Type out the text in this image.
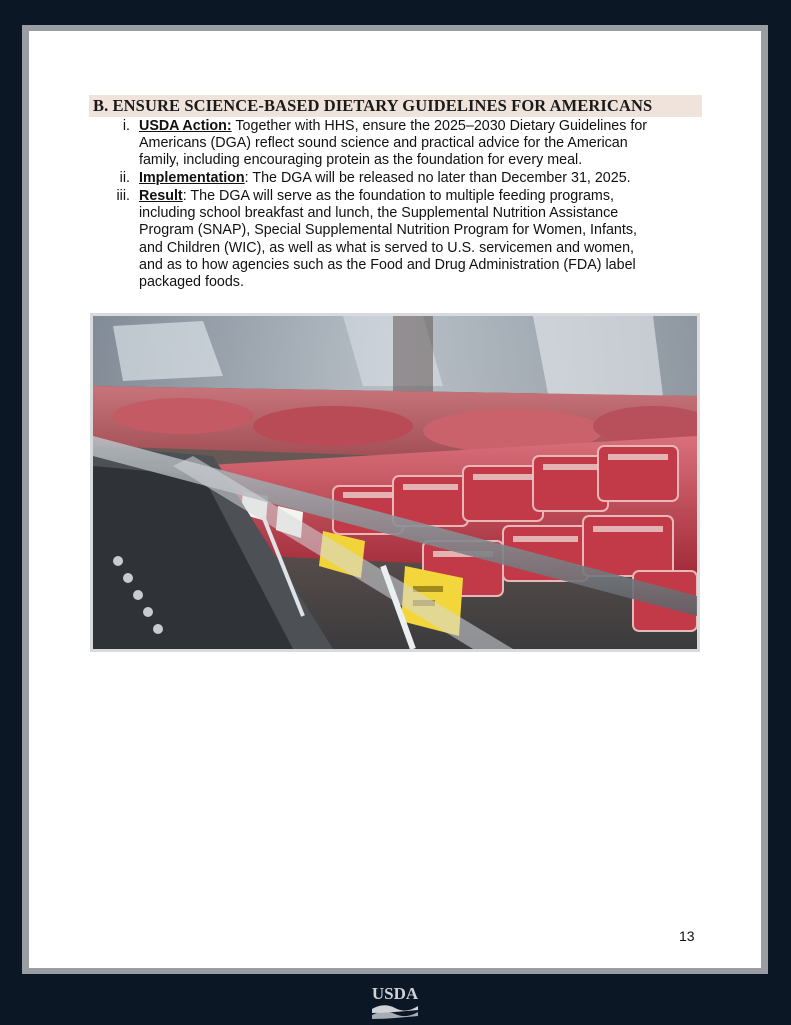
B. ENSURE SCIENCE-BASED DIETARY GUIDELINES FOR AMERICANS
i. USDA Action: Together with HHS, ensure the 2025–2030 Dietary Guidelines for
Americans (DGA) reflect sound science and practical advice for the American
family, including encouraging protein as the foundation for every meal.
ii. Implementation: The DGA will be released no later than December 31, 2025.
iii. Result: The DGA will serve as the foundation to multiple feeding programs,
including school breakfast and lunch, the Supplemental Nutrition Assistance
Program (SNAP), Special Supplemental Nutrition Program for Women, Infants,
and Children (WIC), as well as what is served to U.S. servicemen and women,
and as to how agencies such as the Food and Drug Administration (FDA) label
packaged foods.
13
USDA
